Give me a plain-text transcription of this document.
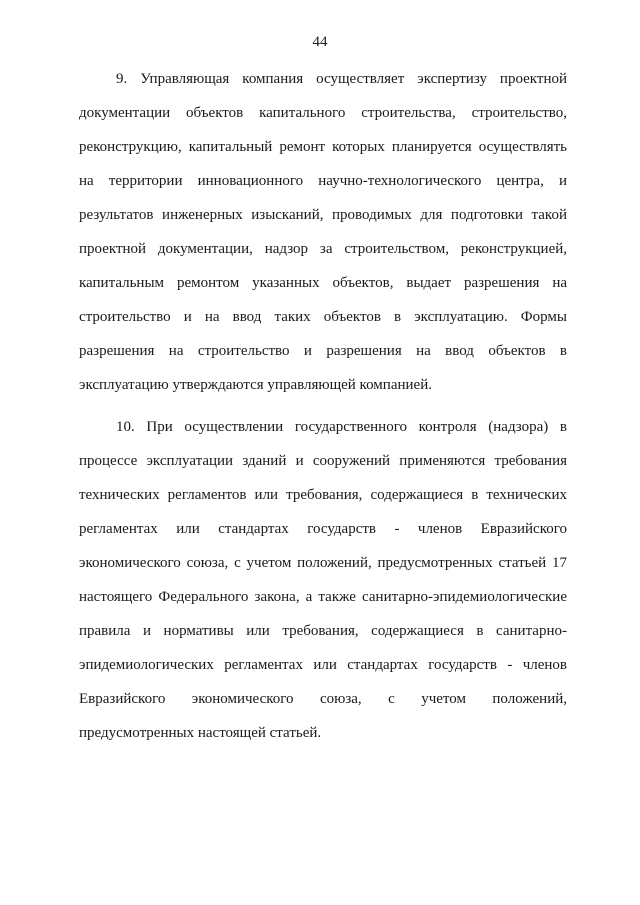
44
9. Управляющая компания осуществляет экспертизу проектной
документации объектов капитального строительства, строительство,
реконструкцию, капитальный ремонт которых планируется осуществлять
на территории инновационного научно-технологического центра, и
результатов инженерных изысканий, проводимых для подготовки такой
проектной документации, надзор за строительством, реконструкцией,
капитальным ремонтом указанных объектов, выдает разрешения на
строительство и на ввод таких объектов в эксплуатацию. Формы
разрешения на строительство и разрешения на ввод объектов в
эксплуатацию утверждаются управляющей компанией.
10. При осуществлении государственного контроля (надзора) в
процессе эксплуатации зданий и сооружений применяются требования
технических регламентов или требования, содержащиеся в технических
регламентах или стандартах государств - членов Евразийского
экономического союза, с учетом положений, предусмотренных статьей 17
настоящего Федерального закона, а также санитарно-эпидемиологические
правила и нормативы или требования, содержащиеся в санитарно-
эпидемиологических регламентах или стандартах государств - членов
Евразийского экономического союза, с учетом положений,
предусмотренных настоящей статьей.
